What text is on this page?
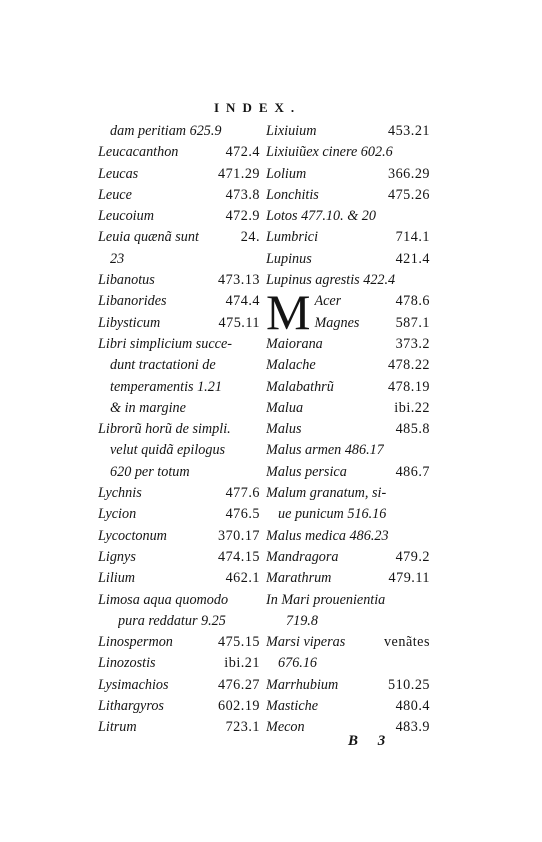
INDEX.
dam peritiam 625.9
Leucacanthon	472.4
Leucas	471.29
Leuce	473.8
Leucoium	472.9
Leuia quænã sunt	24.
23
Libanotus	473.13
Libanorides	474.4
Libysticum	475.11
Libri simplicium succe-
dunt tractationi de
temperamentis 1.21
& in margine
Librorũ horũ de simpli.
velut quidã epilogus
620 per totum
Lychnis	477.6
Lycion	476.5
Lycoctonum	370.17
Lignys	474.15
Lilium	462.1
Limosa aqua quomodo
pura reddatur 9.25
Linospermon	475.15
Linozostis	ibi.21
Lysimachios	476.27
Lithargyros	602.19
Litrum	723.1
Lixiuium	453.21
Lixiuiũex cinere 602.6
Lolium	366.29
Lonchitis	475.26
Lotos 477.10. & 20
Lumbrici	714.1
Lupinus	421.4
Lupinus agrestis 422.4
M Acer	478.6
Magnes	587.1
Maiorana	373.2
Malache	478.22
Malabathrũ	478.19
Malua	ibi.22
Malus	485.8
Malus armen 486.17
Malus persica	486.7
Malum granatum, si-
ue punicum 516.16
Malus medica 486.23
Mandragora	479.2
Marathrum	479.11
In Mari prouenientia
719.8
Marsi viperas	venãtes
676.16
Marrhubium	510.25
Mastiche	480.4
Mecon	483.9
B 3
